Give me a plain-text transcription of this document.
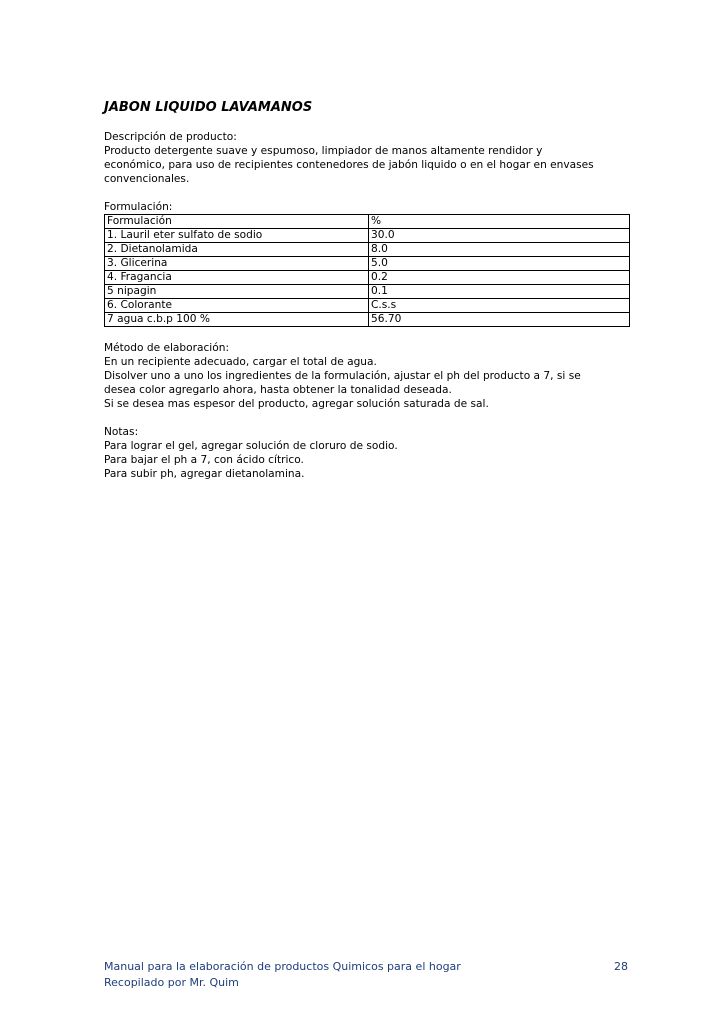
JABON LIQUIDO LAVAMANOS

Descripción de producto:

Producto detergente suave y espumoso, limpiador de manos altamente rendidor y

económico, para uso de recipientes contenedores de jabón liquido o en el hogar en envases

convencionales.

Formulación:

Formulación	%
1. Lauril eter sulfato de sodio	30.0
2. Dietanolamida	8.0
3. Glicerina	5.0
4. Fragancia	0.2
5 nipagin	0.1
6. Colorante	C.s.s
7 agua c.b.p 100 %	56.70

Método de elaboración:

En un recipiente adecuado, cargar el total de agua.

Disolver uno a uno los ingredientes de la formulación, ajustar el ph del producto a 7, si se

desea color agregarlo ahora, hasta obtener la tonalidad deseada.

Si se desea mas espesor del producto, agregar solución saturada de sal.

Notas:

Para lograr el gel, agregar solución de cloruro de sodio.

Para bajar el ph a 7, con ácido cítrico.

Para subir ph, agregar dietanolamina.

Manual para la elaboración de productos Quimicos para el hogar	28
Recopilado por Mr. Quim
